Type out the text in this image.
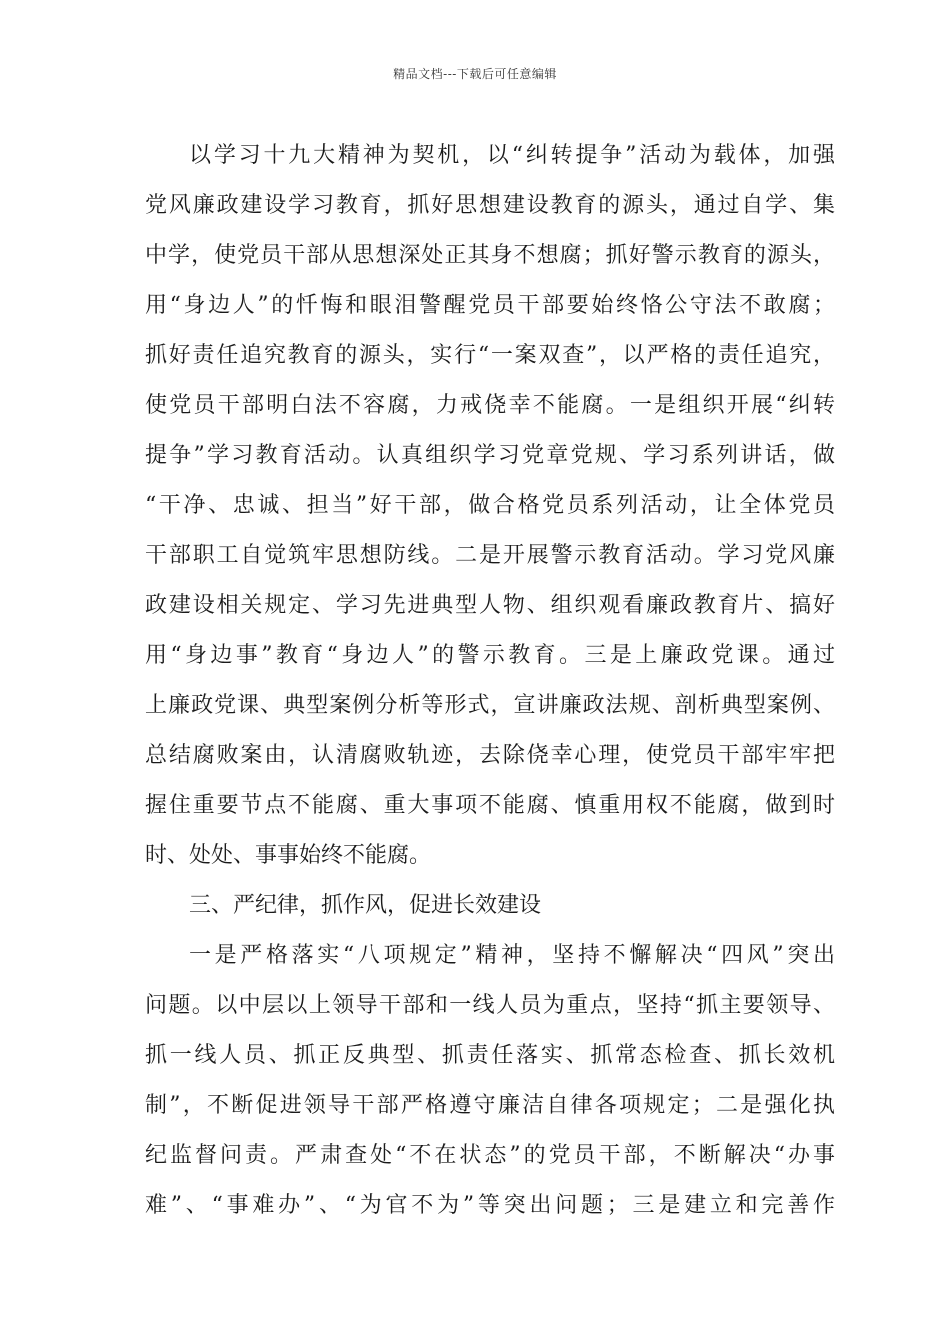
精品文档---下载后可任意编辑
以学习十九大精神为契机，以“纠转提争”活动为载体，加强
党风廉政建设学习教育，抓好思想建设教育的源头，通过自学、集
中学，使党员干部从思想深处正其身不想腐；抓好警示教育的源头，
用“身边人”的忏悔和眼泪警醒党员干部要始终恪公守法不敢腐；
抓好责任追究教育的源头，实行“一案双查”，以严格的责任追究，
使党员干部明白法不容腐，力戒侥幸不能腐。一是组织开展“纠转
提争”学习教育活动。认真组织学习党章党规、学习系列讲话，做
“干净、忠诚、担当”好干部，做合格党员系列活动，让全体党员
干部职工自觉筑牢思想防线。二是开展警示教育活动。学习党风廉
政建设相关规定、学习先进典型人物、组织观看廉政教育片、搞好
用“身边事”教育“身边人”的警示教育。三是上廉政党课。通过
上廉政党课、典型案例分析等形式，宣讲廉政法规、剖析典型案例、
总结腐败案由，认清腐败轨迹，去除侥幸心理，使党员干部牢牢把
握住重要节点不能腐、重大事项不能腐、慎重用权不能腐，做到时
时、处处、事事始终不能腐。
三、严纪律，抓作风，促进长效建设
一是严格落实“八项规定”精神，坚持不懈解决“四风”突出
问题。以中层以上领导干部和一线人员为重点，坚持“抓主要领导、
抓一线人员、抓正反典型、抓责任落实、抓常态检查、抓长效机
制”，不断促进领导干部严格遵守廉洁自律各项规定；二是强化执
纪监督问责。严肃查处“不在状态”的党员干部，不断解决“办事
难”、“事难办”、“为官不为”等突出问题；三是建立和完善作
